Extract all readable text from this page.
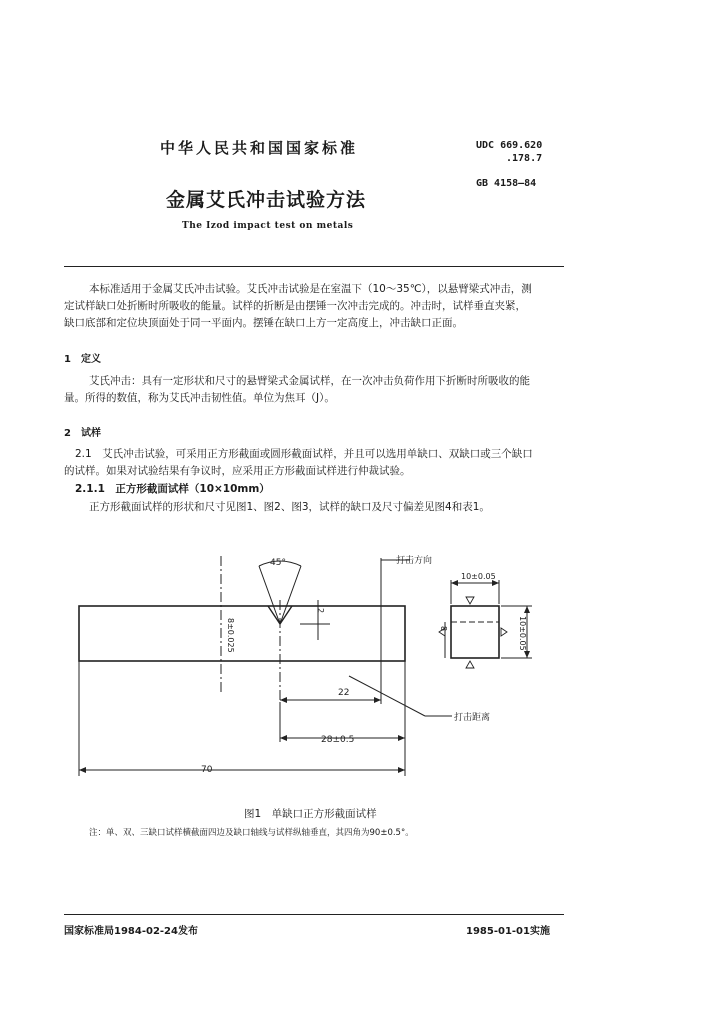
中华人民共和国国家标准	UDC 669.620
.178.7
GB 4158—84
金属艾氏冲击试验方法
The Izod impact test on metals
本标准适用于金属艾氏冲击试验。艾氏冲击试验是在室温下（10～35℃），以悬臂梁式冲击，测
定试样缺口处折断时所吸收的能量。试样的折断是由摆锤一次冲击完成的。冲击时，试样垂直夹紧，
缺口底部和定位块顶面处于同一平面内。摆锤在缺口上方一定高度上，冲击缺口正面。
1　定义
艾氏冲击：具有一定形状和尺寸的悬臂梁式金属试样，在一次冲击负荷作用下折断时所吸收的能
量。所得的数值，称为艾氏冲击韧性值。单位为焦耳（J）。
2　试样
2.1　艾氏冲击试验，可采用正方形截面或圆形截面试样，并且可以选用单缺口、双缺口或三个缺口
的试样。如果对试验结果有争议时，应采用正方形截面试样进行仲裁试验。
2.1.1　正方形截面试样（10×10mm）
正方形截面试样的形状和尺寸见图1、图2、图3，试样的缺口及尺寸偏差见图4和表1。
45°	打击方向
打击距离
8±0.025
2
22
28±0.5
70
10±0.05
10±0.05
8
图1　单缺口正方形截面试样
注：单、双、三缺口试样横截面四边及缺口轴线与试样纵轴垂直，其四角为90±0.5°。
国家标准局1984-02-24发布	1985-01-01实施
